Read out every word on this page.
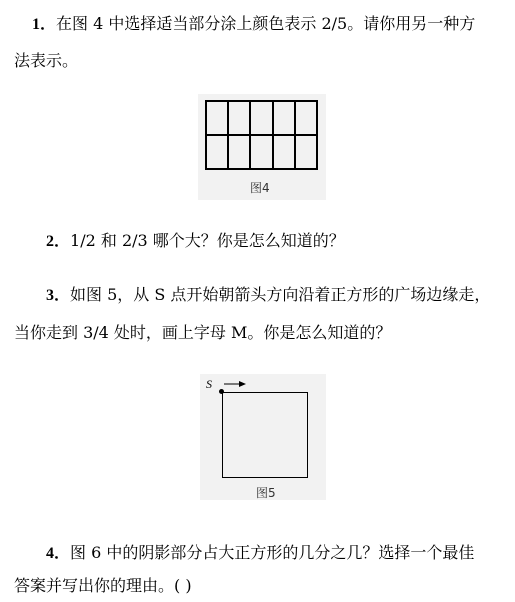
1．在图 4 中选择适当部分涂上颜色表示 2/5。请你用另一种方
法表示。
图4
2．1/2 和 2/3 哪个大？你是怎么知道的？
3．如图 5，从 S 点开始朝箭头方向沿着正方形的广场边缘走，
当你走到 3/4 处时，画上字母 M。你是怎么知道的？
S
图5
4．图 6 中的阴影部分占大正方形的几分之几？选择一个最佳
答案并写出你的理由。( )
